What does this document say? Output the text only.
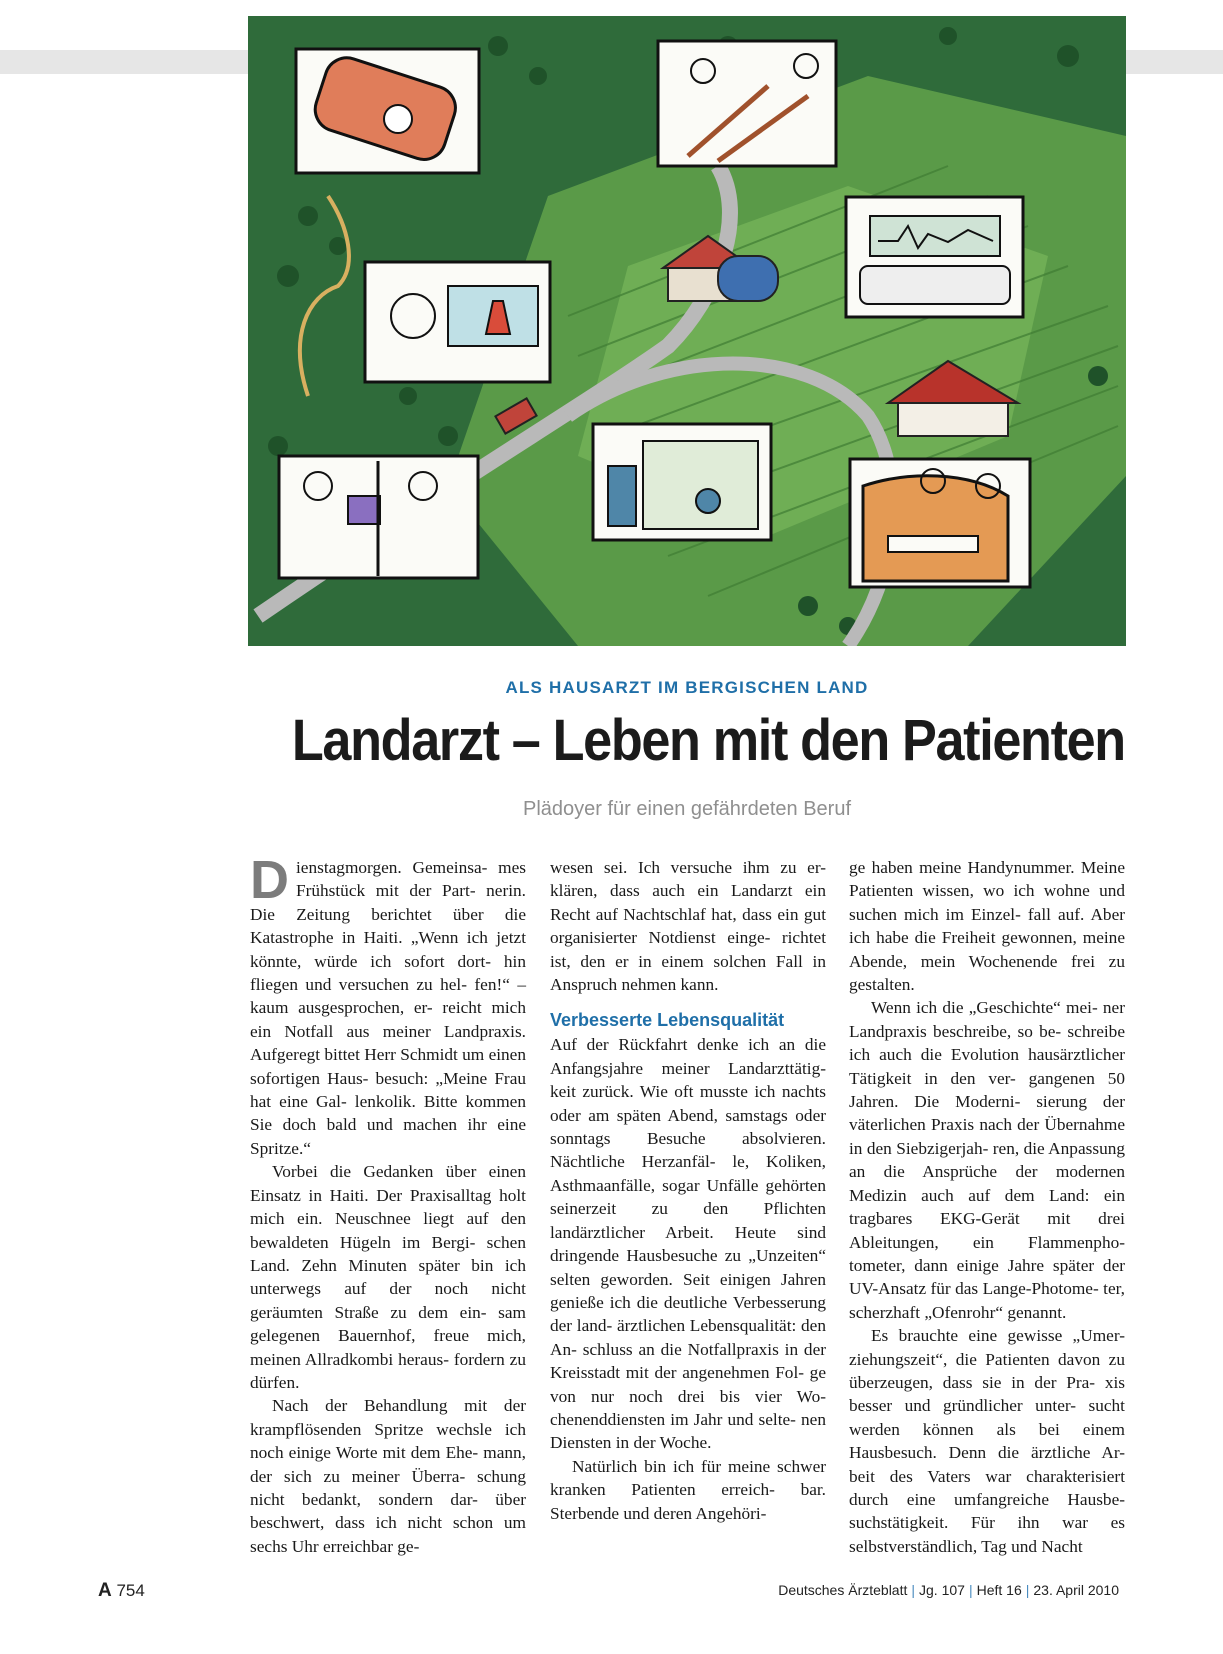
ALS HAUSARZT IM BERGISCHEN LAND
Landarzt – Leben mit den Patienten
Plädoyer für einen gefährdeten Beruf

Dienstagmorgen. Gemeinsa- mes Frühstück mit der Part- nerin. Die Zeitung berichtet über die Katastrophe in Haiti. „Wenn ich jetzt könnte, würde ich sofort dort- hin fliegen und versuchen zu hel- fen!“ – kaum ausgesprochen, er- reicht mich ein Notfall aus meiner Landpraxis. Aufgeregt bittet Herr Schmidt um einen sofortigen Haus- besuch: „Meine Frau hat eine Gal- lenkolik. Bitte kommen Sie doch bald und machen ihr eine Spritze.“

Vorbei die Gedanken über einen Einsatz in Haiti. Der Praxisalltag holt mich ein. Neuschnee liegt auf den bewaldeten Hügeln im Bergi- schen Land. Zehn Minuten später bin ich unterwegs auf der noch nicht geräumten Straße zu dem ein- sam gelegenen Bauernhof, freue mich, meinen Allradkombi heraus- fordern zu dürfen.

Nach der Behandlung mit der krampflösenden Spritze wechsle ich noch einige Worte mit dem Ehe- mann, der sich zu meiner Überra- schung nicht bedankt, sondern dar- über beschwert, dass ich nicht schon um sechs Uhr erreichbar ge-

wesen sei. Ich versuche ihm zu er- klären, dass auch ein Landarzt ein Recht auf Nachtschlaf hat, dass ein gut organisierter Notdienst einge- richtet ist, den er in einem solchen Fall in Anspruch nehmen kann.

Verbesserte Lebensqualität

Auf der Rückfahrt denke ich an die Anfangsjahre meiner Landarzttätig- keit zurück. Wie oft musste ich nachts oder am späten Abend, samstags oder sonntags Besuche absolvieren. Nächtliche Herzanfäl- le, Koliken, Asthmaanfälle, sogar Unfälle gehörten seinerzeit zu den Pflichten landärztlicher Arbeit. Heute sind dringende Hausbesuche zu „Unzeiten“ selten geworden. Seit einigen Jahren genieße ich die deutliche Verbesserung der land- ärztlichen Lebensqualität: den An- schluss an die Notfallpraxis in der Kreisstadt mit der angenehmen Fol- ge von nur noch drei bis vier Wo- chenenddiensten im Jahr und selte- nen Diensten in der Woche.

Natürlich bin ich für meine schwer kranken Patienten erreich- bar. Sterbende und deren Angehöri-

ge haben meine Handynummer. Meine Patienten wissen, wo ich wohne und suchen mich im Einzel- fall auf. Aber ich habe die Freiheit gewonnen, meine Abende, mein Wochenende frei zu gestalten.

Wenn ich die „Geschichte“ mei- ner Landpraxis beschreibe, so be- schreibe ich auch die Evolution hausärztlicher Tätigkeit in den ver- gangenen 50 Jahren. Die Moderni- sierung der väterlichen Praxis nach der Übernahme in den Siebzigerjah- ren, die Anpassung an die Ansprüche der modernen Medizin auch auf dem Land: ein tragbares EKG-Gerät mit drei Ableitungen, ein Flammenpho- tometer, dann einige Jahre später der UV-Ansatz für das Lange-Photome- ter, scherzhaft „Ofenrohr“ genannt.

Es brauchte eine gewisse „Umer- ziehungszeit“, die Patienten davon zu überzeugen, dass sie in der Pra- xis besser und gründlicher unter- sucht werden können als bei einem Hausbesuch. Denn die ärztliche Ar- beit des Vaters war charakterisiert durch eine umfangreiche Hausbe- suchstätigkeit. Für ihn war es selbstverständlich, Tag und Nacht

A 754	Deutsches Ärzteblatt | Jg. 107 | Heft 16 | 23. April 2010
